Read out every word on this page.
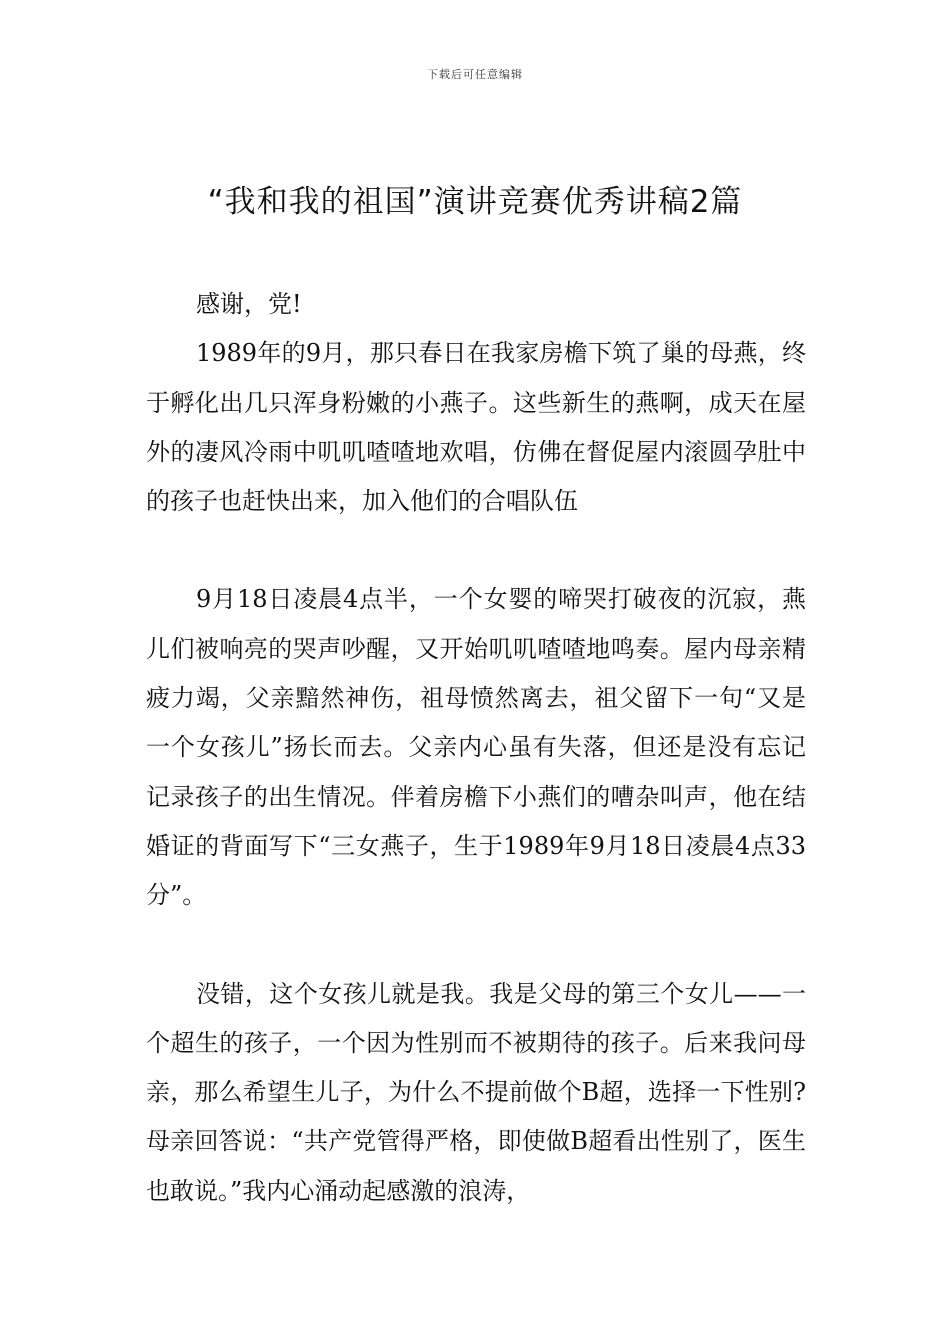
下载后可任意编辑
“我和我的祖国”演讲竞赛优秀讲稿2篇

感谢，党!

1989年的9月，那只春日在我家房檐下筑了巢的母燕，终于孵化出几只浑身粉嫩的小燕子。这些新生的燕啊，成天在屋外的凄风冷雨中叽叽喳喳地欢唱，仿佛在督促屋内滚圆孕肚中的孩子也赶快出来，加入他们的合唱队伍

9月18日凌晨4点半，一个女婴的啼哭打破夜的沉寂，燕儿们被响亮的哭声吵醒，又开始叽叽喳喳地鸣奏。屋内母亲精疲力竭，父亲黯然神伤，祖母愤然离去，祖父留下一句“又是一个女孩儿”扬长而去。父亲内心虽有失落，但还是没有忘记记录孩子的出生情况。伴着房檐下小燕们的嘈杂叫声，他在结婚证的背面写下“三女燕子，生于1989年9月18日凌晨4点33分”。

没错，这个女孩儿就是我。我是父母的第三个女儿——一个超生的孩子，一个因为性别而不被期待的孩子。后来我问母亲，那么希望生儿子，为什么不提前做个B超，选择一下性别?母亲回答说：“共产党管得严格，即使做B超看出性别了，医生也敢说。”我内心涌动起感激的浪涛，
